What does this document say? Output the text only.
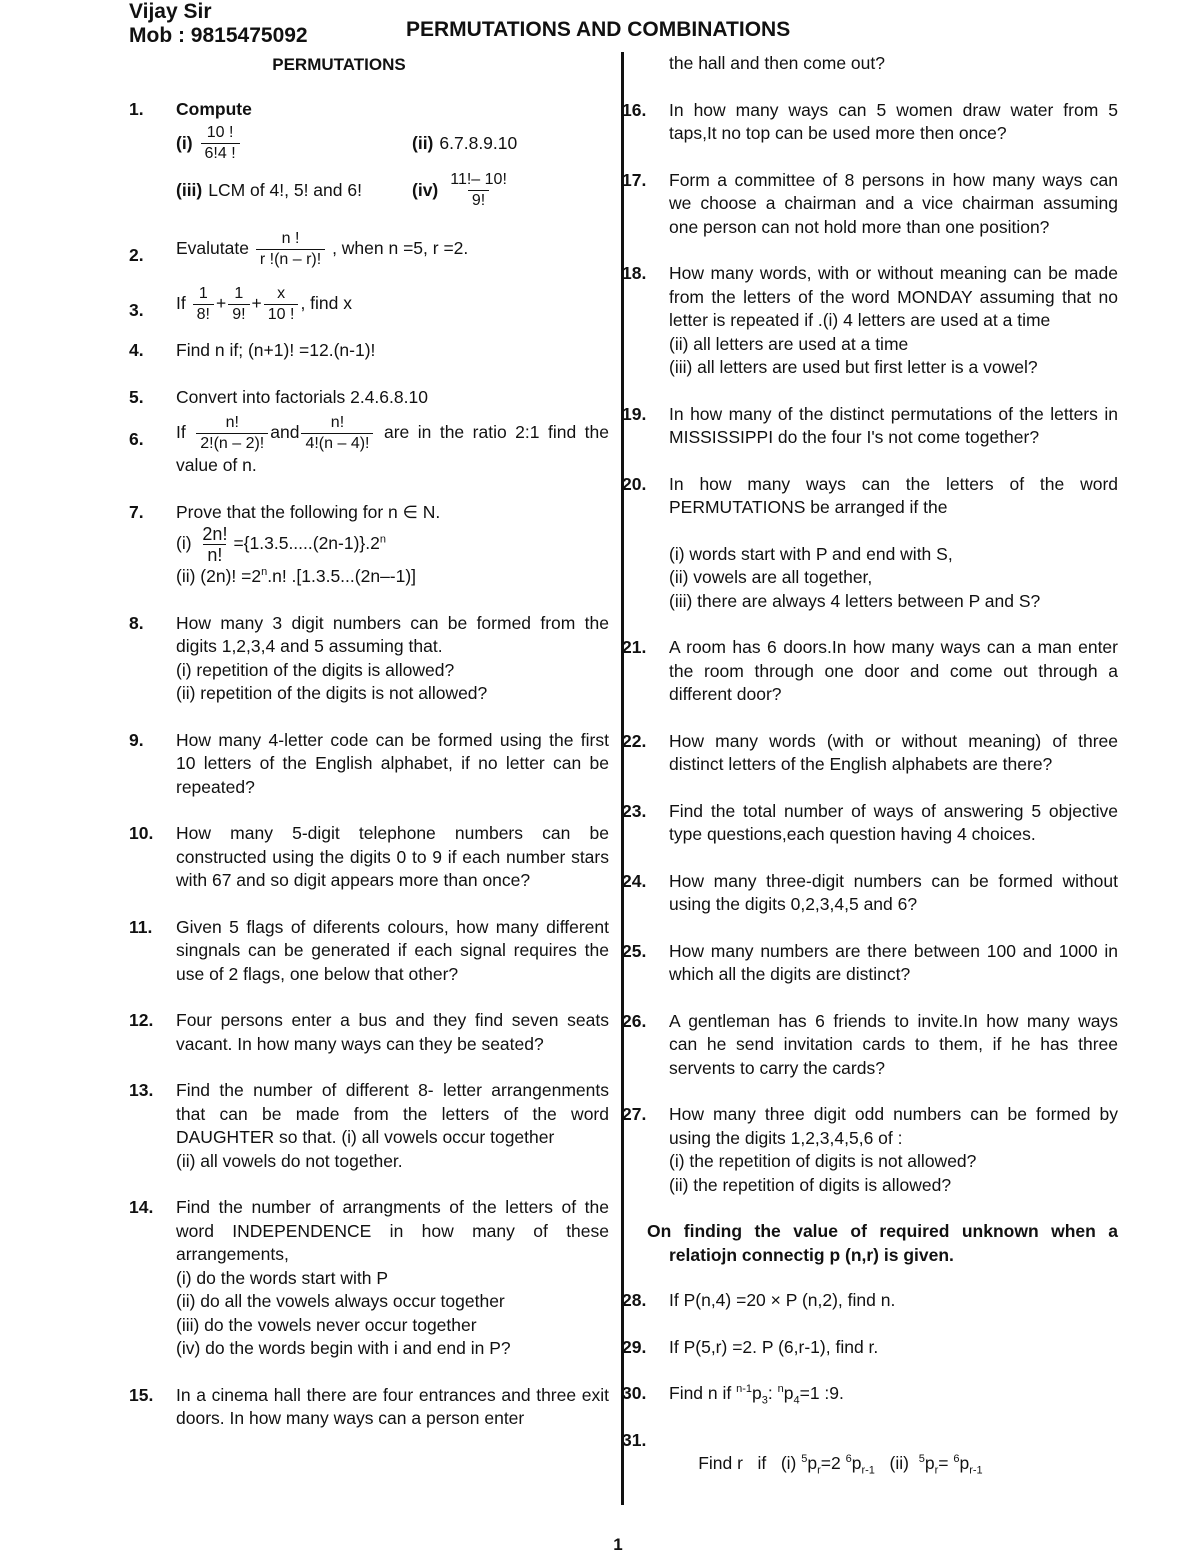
Vijay Sir
Mob : 9815475092	PERMUTATIONS AND COMBINATIONS
PERMUTATIONS
1. Compute
$(i) \frac{10 !}{6!4 !}$	(ii) 6.7.8.9.10
(iii) LCM of 4!, 5! and 6!	$(iv) \frac{11!- 10!}{9!}$
2. Evalutate $\frac{n !}{r !(n - r)!}$ , when n =5, r =2.
3. If $\frac{1}{8!} + \frac{1}{9!} + \frac{x}{10 !}$ , find x
4. Find n if; (n+1)! =12.(n-1)!
5. Convert into factorials 2.4.6.8.10
6. If $\frac{n!}{2!(n - 2)!}$ and $\frac{n!}{4!(n - 4)!}$ are in the ratio 2:1 find the value of n.
7. Prove that the following for n ∈ N.
$(i) \frac{2n!}{n!} =\{1.3.5.....(2n-1)\}.2^n$
(ii) (2n)! $=2^n.n$! .[1.3.5...(2n–-1)]
8. How many 3 digit numbers can be formed from the digits 1,2,3,4 and 5 assuming that.
(i) repetition of the digits is allowed?
(ii) repetition of the digits is not allowed?
9. How many 4-letter code can be formed using the first 10 letters of the English alphabet, if no letter can be repeated?
10. How many 5-digit telephone numbers can be constructed using the digits 0 to 9 if each number stars with 67 and so digit appears more than once?
11. Given 5 flags of diferents colours, how many different singnals can be generated if each signal requires the use of 2 flags, one below that other?
12. Four persons enter a bus and they find seven seats vacant. In how many ways can they be seated?
13. Find the number of different 8- letter arrangenments that can be made from the letters of the word DAUGHTER so that. (i) all vowels occur together
(ii) all vowels do not together.
14. Find the number of arrangments of the letters of the word INDEPENDENCE in how many of these arrangements,
(i) do the words start with P
(ii) do all the vowels always occur together
(iii) do the vowels never occur together
(iv) do the words begin with i and end in P?
15. In a cinema hall there are four entrances and three exit doors. In how many ways can a person enter
the hall and then come out?
16. In how many ways can 5 women draw water from 5 taps,It no top can be used more then once?
17. Form a committee of 8 persons in how many ways can we choose a chairman and a vice chairman assuming one person can not hold more than one position?
18. How many words, with or without meaning can be made from the letters of the word MONDAY assuming that no letter is repeated if .(i) 4 letters are used at a time
(ii) all letters are used at a time
(iii) all letters are used but first letter is a vowel?
19. In how many of the distinct permutations of the letters in MISSISSIPPI do the four I's not come together?
20. In how many ways can the letters of the word PERMUTATIONS be arranged if the
(i) words start with P and end with S,
(ii) vowels are all together,
(iii) there are always 4 letters between P and S?
21. A room has 6 doors.In how many ways can a man enter the room through one door and come out through a different door?
22. How many words (with or without meaning) of three distinct letters of the English alphabets are there?
23. Find the total number of ways of answering 5 objective type questions,each question having 4 choices.
24. How many three-digit numbers can be formed without using the digits 0,2,3,4,5 and 6?
25. How many numbers are there between 100 and 1000 in which all the digits are distinct?
26. A gentleman has 6 friends to invite.In how many ways can he send invitation cards to them, if he has three servents to carry the cards?
27. How many three digit odd numbers can be formed by using the digits 1,2,3,4,5,6 of :
(i) the repetition of digits is not allowed?
(ii) the repetition of digits is allowed?
On finding the value of required unknown when a relatiojn connectig p (n,r) is given.
28. If P(n,4) =20 × P (n,2), find n.
29. If P(5,r) =2. P (6,r-1), find r.
30. Find n if $^{n-1}p_3$: $^np_4=1$ :9.
31.

Find r   if   (i) $^5p_r=2$ $^6p_{r-1}$   (ii) $^5p_r= ^6p_{r-1}$

1
